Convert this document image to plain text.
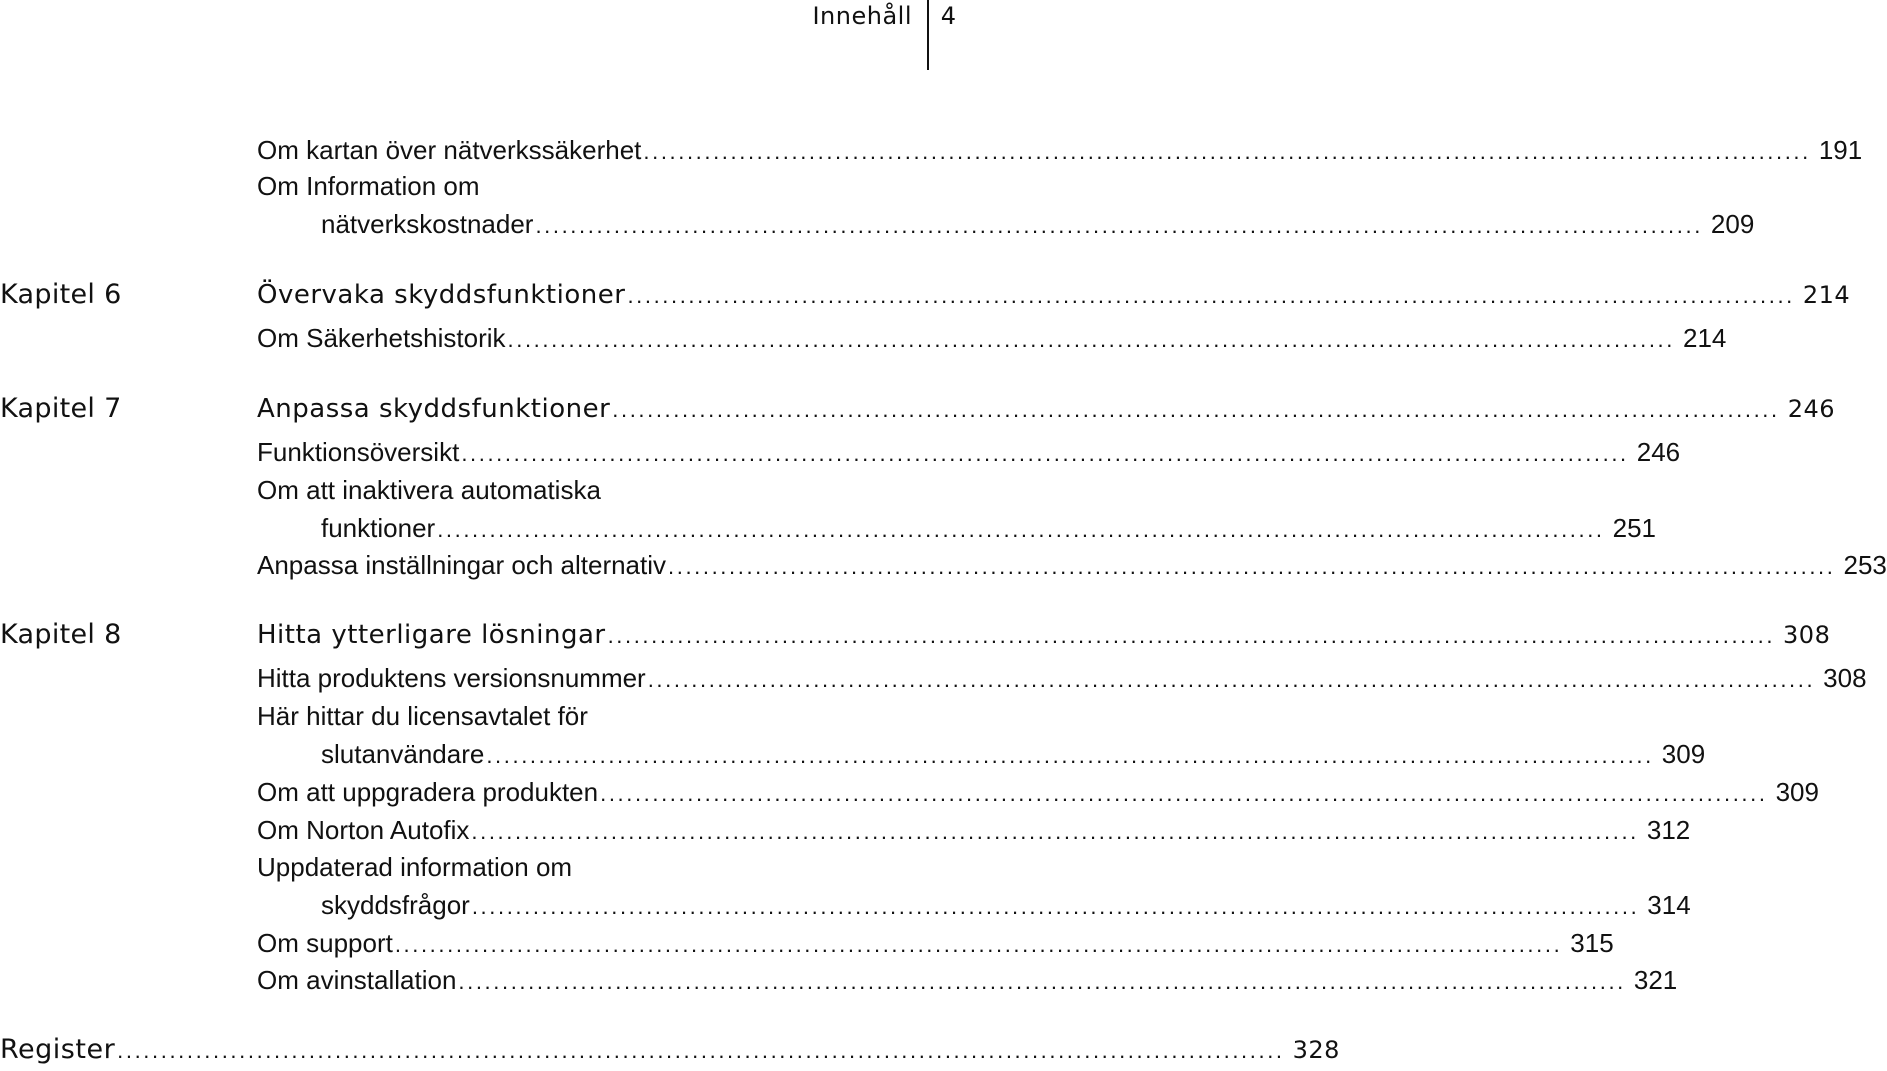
Innehåll 4
Om kartan över nätverkssäkerhet ...................................................................................................................................... 191
Om Information om
nätverkskostnader ...................................................................................................................................... 209
Kapitel 6	Övervaka skyddsfunktioner ...................................................................................................................................... 214
Om Säkerhetshistorik ...................................................................................................................................... 214
Kapitel 7	Anpassa skyddsfunktioner ...................................................................................................................................... 246
Funktionsöversikt ...................................................................................................................................... 246
Om att inaktivera automatiska
funktioner ...................................................................................................................................... 251
Anpassa inställningar och alternativ ...................................................................................................................................... 253
Kapitel 8	Hitta ytterligare lösningar ...................................................................................................................................... 308
Hitta produktens versionsnummer ...................................................................................................................................... 308
Här hittar du licensavtalet för
slutanvändare ...................................................................................................................................... 309
Om att uppgradera produkten ...................................................................................................................................... 309
Om Norton Autofix ...................................................................................................................................... 312
Uppdaterad information om
skyddsfrågor ...................................................................................................................................... 314
Om support ...................................................................................................................................... 315
Om avinstallation ...................................................................................................................................... 321
Register ...................................................................................................................................... 328
